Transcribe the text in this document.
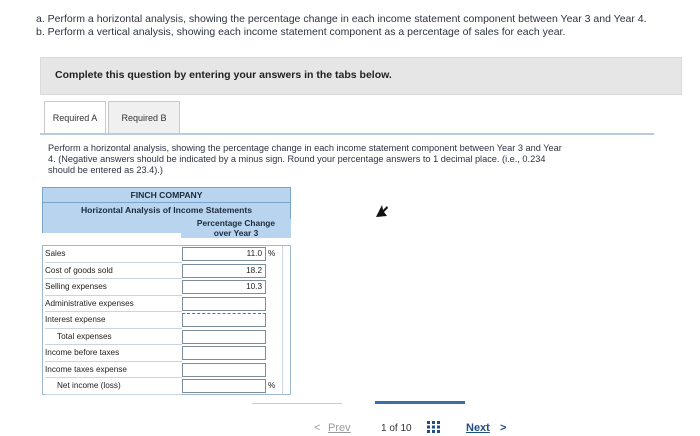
a. Perform a horizontal analysis, showing the percentage change in each income statement component between Year 3 and Year 4.
b. Perform a vertical analysis, showing each income statement component as a percentage of sales for each year.
Complete this question by entering your answers in the tabs below.
Required A	Required B
Perform a horizontal analysis, showing the percentage change in each income statement component between Year 3 and Year
4. (Negative answers should be indicated by a minus sign. Round your percentage answers to 1 decimal place. (i.e., 0.234
should be entered as 23.4).)
FINCH COMPANY
Horizontal Analysis of Income Statements
Percentage Change
over Year 3
Sales	11.0 %
Cost of goods sold	18.2
Selling expenses	10.3
Administrative expenses
Interest expense
Total expenses
Income before taxes
Income taxes expense
Net income (loss)	%
< Prev	1 of 10	Next >
